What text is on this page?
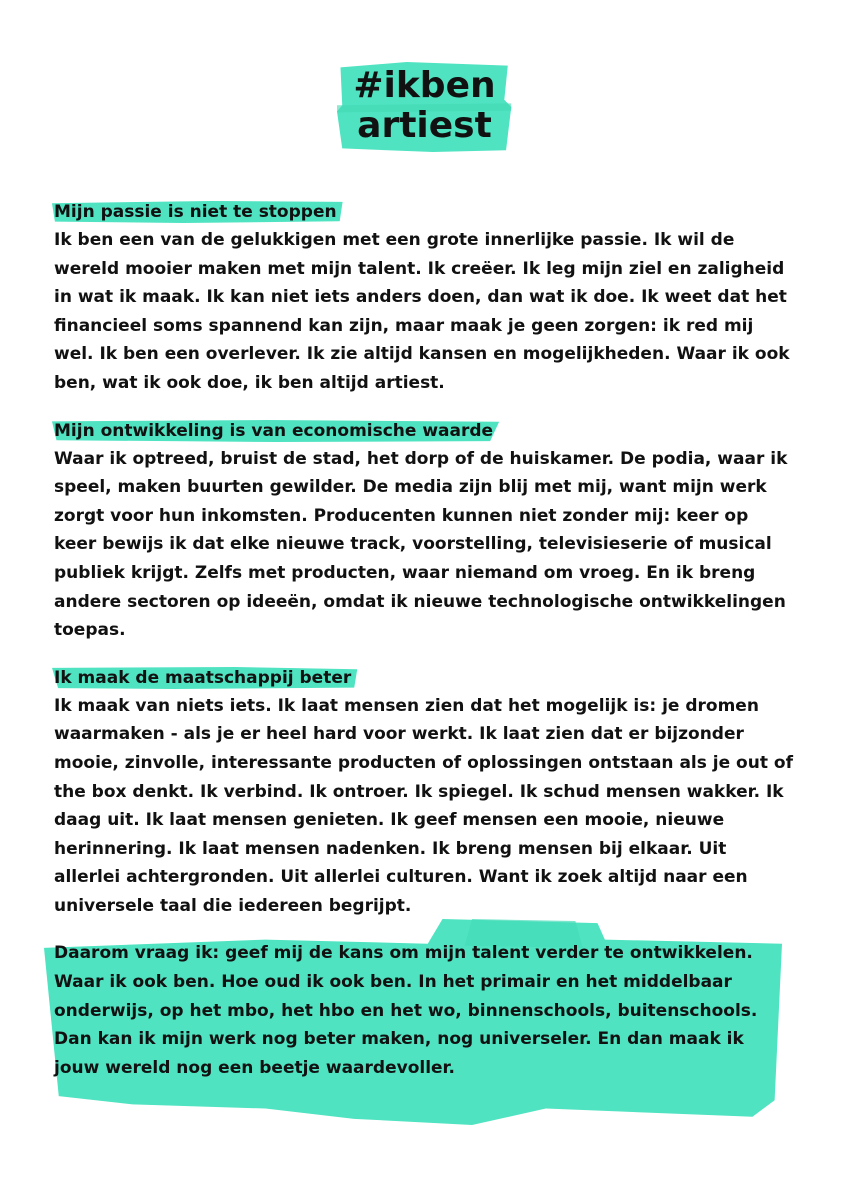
#ikben

artiest

Mijn passie is niet te stoppen

Ik ben een van de gelukkigen met een grote innerlijke passie. Ik wil de wereld mooier maken met mijn talent. Ik creëer. Ik leg mijn ziel en zaligheid in wat ik maak. Ik kan niet iets anders doen, dan wat ik doe. Ik weet dat het financieel soms spannend kan zijn, maar maak je geen zorgen: ik red mij wel. Ik ben een overlever. Ik zie altijd kansen en mogelijkheden. Waar ik ook ben, wat ik ook doe, ik ben altijd artiest.

Mijn ontwikkeling is van economische waarde

Waar ik optreed, bruist de stad, het dorp of de huiskamer. De podia, waar ik speel, maken buurten gewilder. De media zijn blij met mij, want mijn werk zorgt voor hun inkomsten. Producenten kunnen niet zonder mij: keer op keer bewijs ik dat elke nieuwe track, voorstelling, televisieserie of musical publiek krijgt. Zelfs met producten, waar niemand om vroeg. En ik breng andere sectoren op ideeën, omdat ik nieuwe technologische ontwikkelingen toepas.

Ik maak de maatschappij beter

Ik maak van niets iets. Ik laat mensen zien dat het mogelijk is: je dromen waarmaken - als je er heel hard voor werkt. Ik laat zien dat er bijzonder mooie, zinvolle, interessante producten of oplossingen ontstaan als je out of the box denkt. Ik verbind. Ik ontroer. Ik spiegel. Ik schud mensen wakker. Ik daag uit. Ik laat mensen genieten. Ik geef mensen een mooie, nieuwe herinnering. Ik laat mensen nadenken. Ik breng mensen bij elkaar. Uit allerlei achtergronden. Uit allerlei culturen. Want ik zoek altijd naar een universele taal die iedereen begrijpt.

Daarom vraag ik: geef mij de kans om mijn talent verder te ontwikkelen. Waar ik ook ben. Hoe oud ik ook ben. In het primair en het middelbaar onderwijs, op het mbo, het hbo en het wo, binnenschools, buitenschools. Dan kan ik mijn werk nog beter maken, nog universeler. En dan maak ik jouw wereld nog een beetje waardevoller.
